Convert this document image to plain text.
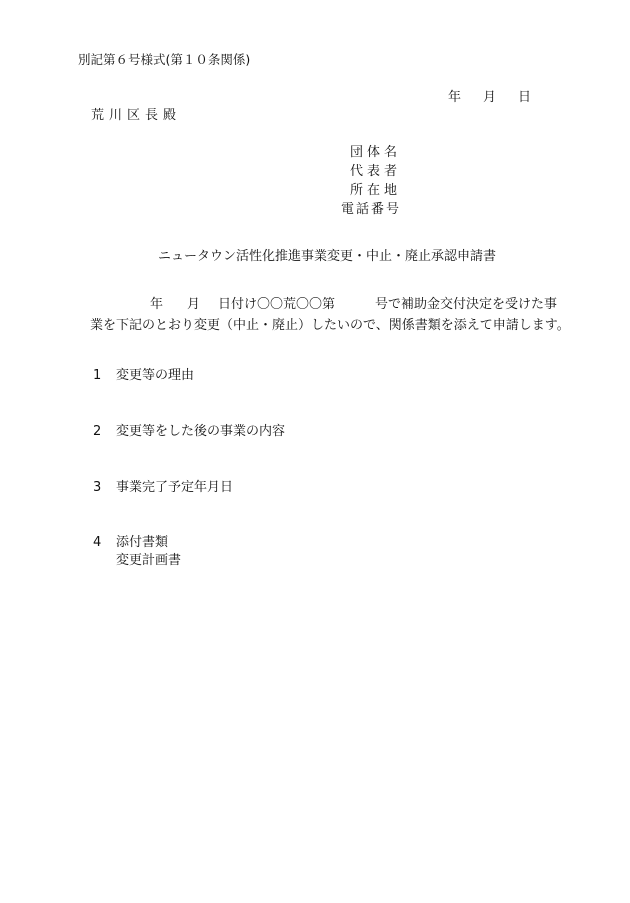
別記第６号様式(第１０条関係)
年 月 日
荒川区長殿
団体名
代表者
所在地
電話番号
ニュータウン活性化推進事業変更・中止・廃止承認申請書
年 月 日付け〇〇荒〇〇第	号で補助金交付決定を受けた事
業を下記のとおり変更（中止・廃止）したいので、関係書類を添えて申請します。
1 変更等の理由
2 変更等をした後の事業の内容
3 事業完了予定年月日
4 添付書類
変更計画書
